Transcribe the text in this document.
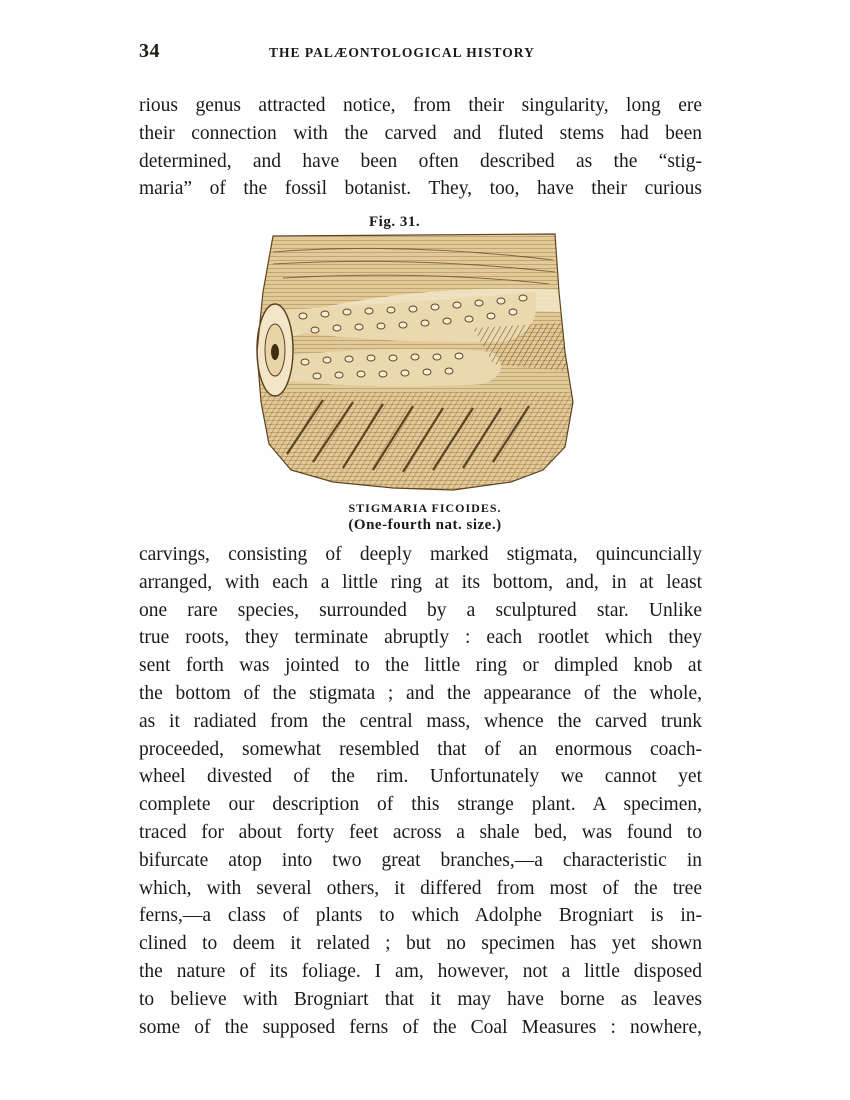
34	THE PALÆONTOLOGICAL HISTORY
rious genus attracted notice, from their singularity, long ere
their connection with the carved and fluted stems had been
determined, and have been often described as the “stig-
maria” of the fossil botanist. They, too, have their curious
Fig. 31.
STIGMARIA FICOIDES.
(One-fourth nat. size.)
carvings, consisting of deeply marked stigmata, quincuncially
arranged, with each a little ring at its bottom, and, in at least
one rare species, surrounded by a sculptured star. Unlike
true roots, they terminate abruptly : each rootlet which they
sent forth was jointed to the little ring or dimpled knob at
the bottom of the stigmata ; and the appearance of the whole,
as it radiated from the central mass, whence the carved trunk
proceeded, somewhat resembled that of an enormous coach-
wheel divested of the rim. Unfortunately we cannot yet
complete our description of this strange plant. A specimen,
traced for about forty feet across a shale bed, was found to
bifurcate atop into two great branches,—a characteristic in
which, with several others, it differed from most of the tree
ferns,—a class of plants to which Adolphe Brogniart is in-
clined to deem it related ; but no specimen has yet shown
the nature of its foliage. I am, however, not a little disposed
to believe with Brogniart that it may have borne as leaves
some of the supposed ferns of the Coal Measures : nowhere,
